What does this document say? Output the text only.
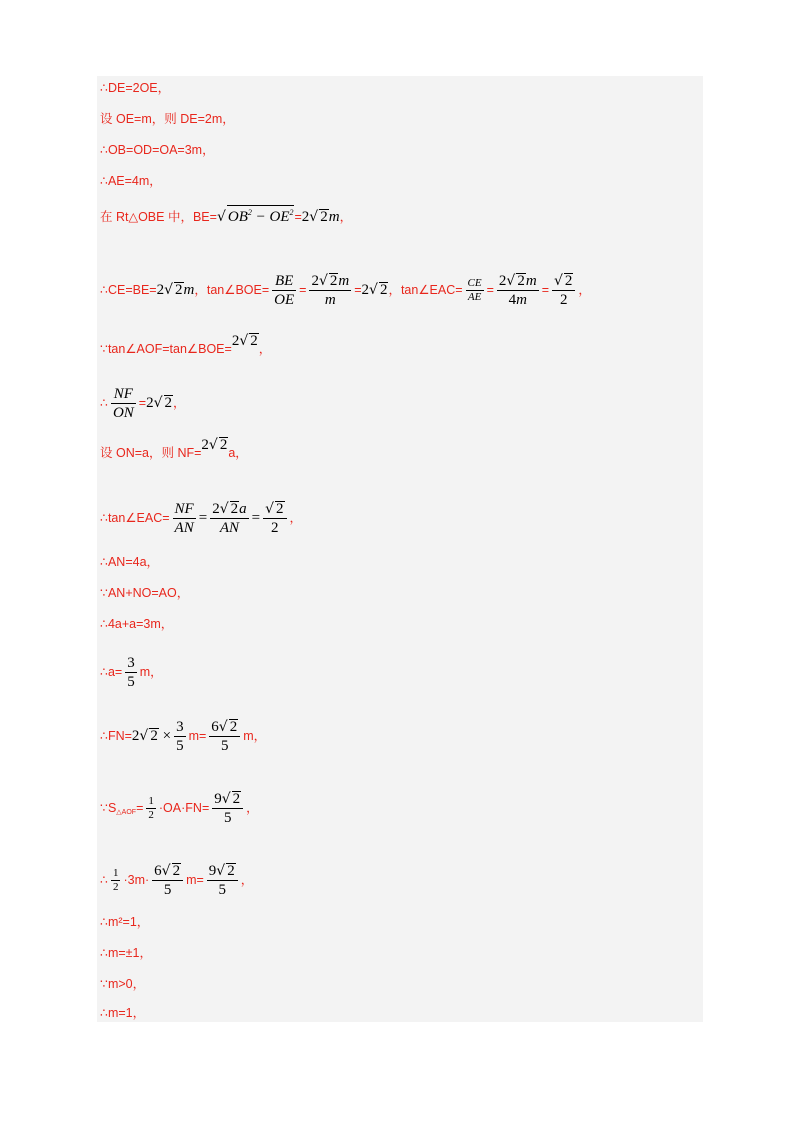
∴DE=2OE，
设 OE=m，则 DE=2m，
∴OB=OD=OA=3m，
∴AE=4m，
在 Rt△OBE 中，BE=√ $OB^2 - OE^2=2√$ 2m，
∴CE=BE=2√ 2m，tan∠BOE= $\frac{BE}{OE} = \frac{2√ 2m}{m} =2√$ 2，tan∠EAC= $\frac{CE}{AE} = \frac{2√ 2m}{4m} = \frac{√ 2}{2}$ ，
∵tan∠AOF=tan∠BOE=2√ 2，
∴ $\frac{NF}{ON} =2√$ 2，
设 ON=a，则 NF=2√ 2a，
∴tan∠EAC= $\frac{NF}{AN} = \frac{2√ 2a}{AN} = \frac{√ 2}{2}$ ，
∴AN=4a，
∵AN+NO=AO，
∴4a+a=3m，
∴a= $\frac{3}{5}$ m，
∴FN=2√ $2 \times \frac{3}{5} m= \frac{6√ 2}{5}$ m，
$\because S_{\triangle AOF}= \frac{1}{2} \cdot OA\cdot FN= \frac{9√ 2}{5}$ ，
∴ $\frac{1}{2} \cdot 3m\cdot \frac{6√ 2}{5} m= \frac{9√ 2}{5}$ ，
∴m²=1，
∴m=±1，
∵m>0，
∴m=1，
